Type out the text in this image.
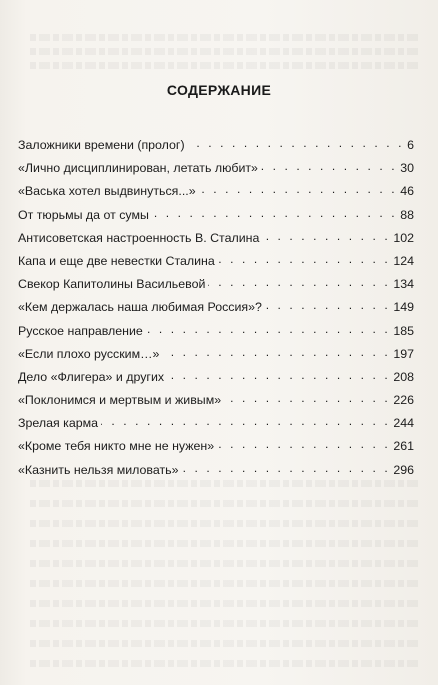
СОДЕРЖАНИЕ
Заложники времени (пролог) . . .	6
«Лично дисциплинирован, летать любит» . . .	30
«Васька хотел выдвинуться...» . . .	46
От тюрьмы да от сумы . . .	88
Антисоветская настроенность В. Сталина . . .	102
Капа и еще две невестки Сталина . . .	124
Свекор Капитолины Васильевой . . .	134
«Кем держалась наша любимая Россия»? . . .	149
Русское направление . . .	185
«Если плохо русским…» . . .	197
Дело «Флигера» и других . . .	208
«Поклонимся и мертвым и живым» . . .	226
Зрелая карма . . .	244
«Кроме тебя никто мне не нужен» . . .	261
«Казнить нельзя миловать» . . .	296
